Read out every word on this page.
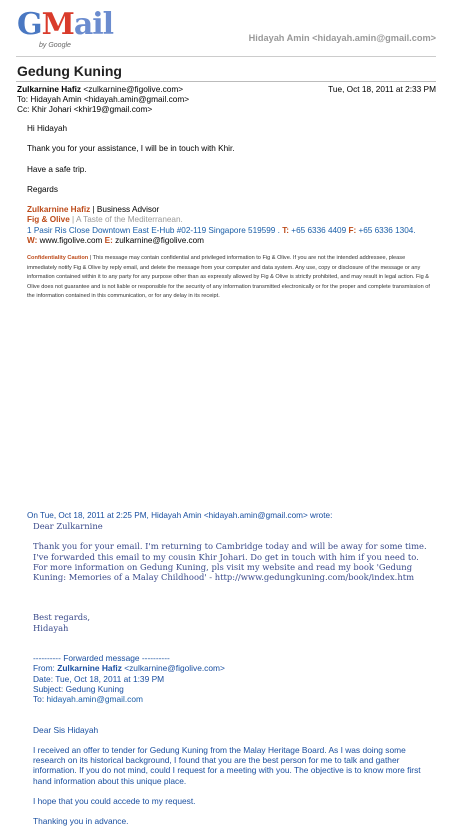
GMail
by Google
Hidayah Amin <hidayah.amin@gmail.com>
Gedung Kuning
Zulkarnine Hafiz <zulkarnine@figolive.com>	Tue, Oct 18, 2011 at 2:33 PM
To: Hidayah Amin <hidayah.amin@gmail.com>
Cc: Khir Johari <khir19@gmail.com>

Hi Hidayah

Thank you for your assistance, I will be in touch with Khir.

Have a safe trip.

Regards

Zulkarnine Hafiz | Business Advisor
Fig & Olive | A Taste of the Mediterranean.
1 Pasir Ris Close Downtown East E-Hub #02-119 Singapore 519599 . T: +65 6336 4409 F: +65 6336 1304.
W: www.figolive.com E: zulkarnine@figolive.com

Confidentiality Caution | This message may contain confidential and privileged information to Fig & Olive. If you are not the intended addressee, please immediately notify Fig & Olive by reply email, and delete the message from your computer and data system. Any use, copy or disclosure of the message or any information contained within it to any party for any purpose other than as expressly allowed by Fig & Olive is strictly prohibited, and may result in legal action. Fig & Olive does not guarantee and is not liable or responsible for the security of any information transmitted electronically or for the proper and complete transmission of the information contained in this communication, or for any delay in its receipt.

On Tue, Oct 18, 2011 at 2:25 PM, Hidayah Amin <hidayah.amin@gmail.com> wrote:
Dear Zulkarnine
Thank you for your email. I'm returning to Cambridge today and will be away for some time.
I've forwarded this email to my cousin Khir Johari. Do get in touch with him if you need to.
For more information on Gedung Kuning, pls visit my website and read my book 'Gedung Kuning: Memories of a Malay Childhood' - http://www.gedungkuning.com/book/index.htm
Best regards,
Hidayah
---------- Forwarded message ----------
From: Zulkarnine Hafiz <zulkarnine@figolive.com>
Date: Tue, Oct 18, 2011 at 1:39 PM
Subject: Gedung Kuning
To: hidayah.amin@gmail.com
Dear Sis Hidayah
I received an offer to tender for Gedung Kuning from the Malay Heritage Board. As I was doing some research on its historical background, I found that you are the best person for me to talk and gather information. If you do not mind, could I request for a meeting with you. The objective is to know more first hand information about this unique place.
I hope that you could accede to my request.
Thanking you in advance.
